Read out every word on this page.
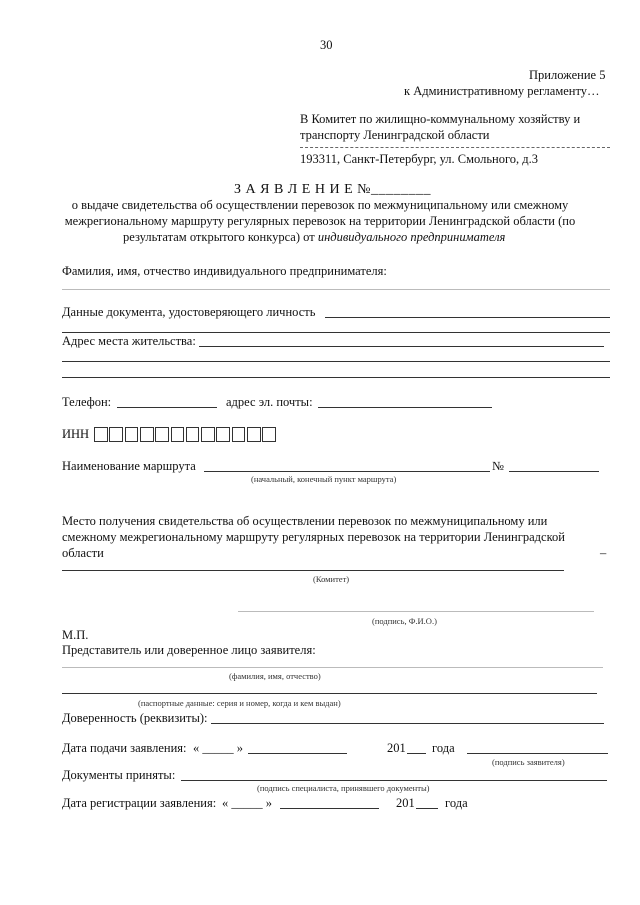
30
Приложение 5
к Административному регламенту…
В Комитет по жилищно-коммунальному хозяйству и
транспорту Ленинградской области
193311, Санкт-Петербург, ул. Смольного, д.3
З А Я В Л Е Н И Е №________
о выдаче свидетельства об осуществлении перевозок по межмуниципальному или смежному
межрегиональному маршруту регулярных перевозок на территории Ленинградской области (по
результатам открытого конкурса) от индивидуального предпринимателя
Фамилия, имя, отчество индивидуального предпринимателя:
Данные документа, удостоверяющего личность
Адрес места жительства:
Телефон:	адрес эл. почты:
ИНН
Наименование маршрута	№
(начальный, конечный пункт маршрута)
Место получения свидетельства об осуществлении перевозок по межмуниципальному или
смежному межрегиональному маршруту регулярных перевозок на территории Ленинградской
области	–
(Комитет)
(подпись, Ф.И.О.)
М.П.
Представитель или доверенное лицо заявителя:
(фамилия, имя, отчество)
(паспортные данные: серия и номер, когда и кем выдан)
Доверенность (реквизиты):
Дата подачи заявления: « _____ »	201 года
(подпись заявителя)
Документы приняты:
(подпись специалиста, принявшего документы)
Дата регистрации заявления: « _____ »	201 года
